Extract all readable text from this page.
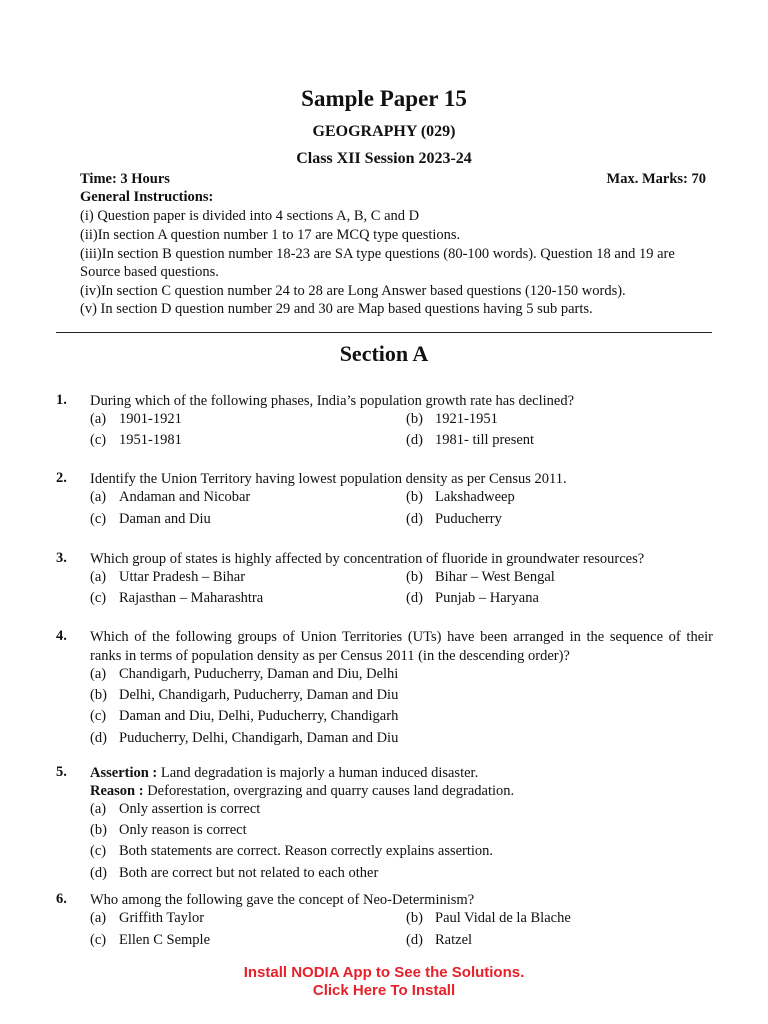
Sample Paper 15
GEOGRAPHY (029)
Class XII Session 2023-24
Time: 3 Hours	Max. Marks: 70
General Instructions:
(i) Question paper is divided into 4 sections A, B, C and D
(ii)In section A question number 1 to 17 are MCQ type questions.
(iii)In section B question number 18-23 are SA type questions (80-100 words). Question 18 and 19 are
Source based questions.
(iv)In section C question number 24 to 28 are Long Answer based questions (120-150 words).
(v) In section D question number 29 and 30 are Map based questions having 5 sub parts.
Section A
1. During which of the following phases, India’s population growth rate has declined?
(a) 1901-1921	(b) 1921-1951
(c) 1951-1981	(d) 1981- till present
2. Identify the Union Territory having lowest population density as per Census 2011.
(a) Andaman and Nicobar	(b) Lakshadweep
(c) Daman and Diu	(d) Puducherry
3. Which group of states is highly affected by concentration of fluoride in groundwater resources?
(a) Uttar Pradesh – Bihar	(b) Bihar – West Bengal
(c) Rajasthan – Maharashtra	(d) Punjab – Haryana
4. Which of the following groups of Union Territories (UTs) have been arranged in the sequence of their ranks in terms of population density as per Census 2011 (in the descending order)?
(a) Chandigarh, Puducherry, Daman and Diu, Delhi
(b) Delhi, Chandigarh, Puducherry, Daman and Diu
(c) Daman and Diu, Delhi, Puducherry, Chandigarh
(d) Puducherry, Delhi, Chandigarh, Daman and Diu
5. Assertion : Land degradation is majorly a human induced disaster.
Reason : Deforestation, overgrazing and quarry causes land degradation.
(a) Only assertion is correct
(b) Only reason is correct
(c) Both statements are correct. Reason correctly explains assertion.
(d) Both are correct but not related to each other
6. Who among the following gave the concept of Neo-Determinism?
(a) Griffith Taylor	(b) Paul Vidal de la Blache
(c) Ellen C Semple	(d) Ratzel
Install NODIA App to See the Solutions.
Click Here To Install
